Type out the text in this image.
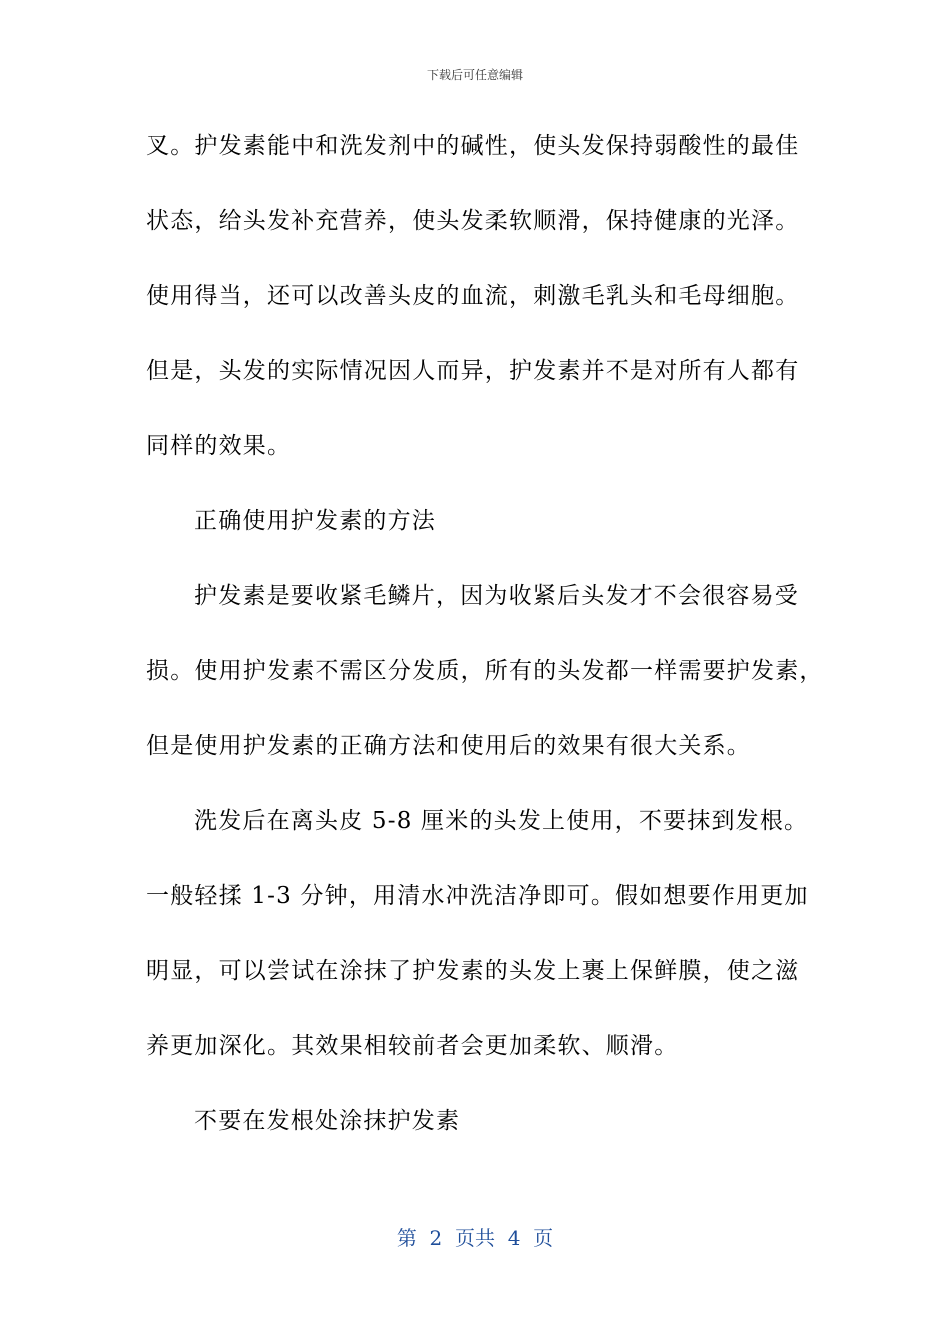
下载后可任意编辑
叉。护发素能中和洗发剂中的碱性，使头发保持弱酸性的最佳
状态，给头发补充营养，使头发柔软顺滑，保持健康的光泽。
使用得当，还可以改善头皮的血流，刺激毛乳头和毛母细胞。
但是，头发的实际情况因人而异，护发素并不是对所有人都有
同样的效果。
正确使用护发素的方法
护发素是要收紧毛鳞片，因为收紧后头发才不会很容易受
损。使用护发素不需区分发质，所有的头发都一样需要护发素，
但是使用护发素的正确方法和使用后的效果有很大关系。
洗发后在离头皮 5-8 厘米的头发上使用，不要抹到发根。
一般轻揉 1-3 分钟，用清水冲洗洁净即可。假如想要作用更加
明显，可以尝试在涂抹了护发素的头发上裹上保鲜膜，使之滋
养更加深化。其效果相较前者会更加柔软、顺滑。
不要在发根处涂抹护发素
第  2  页共  4  页
